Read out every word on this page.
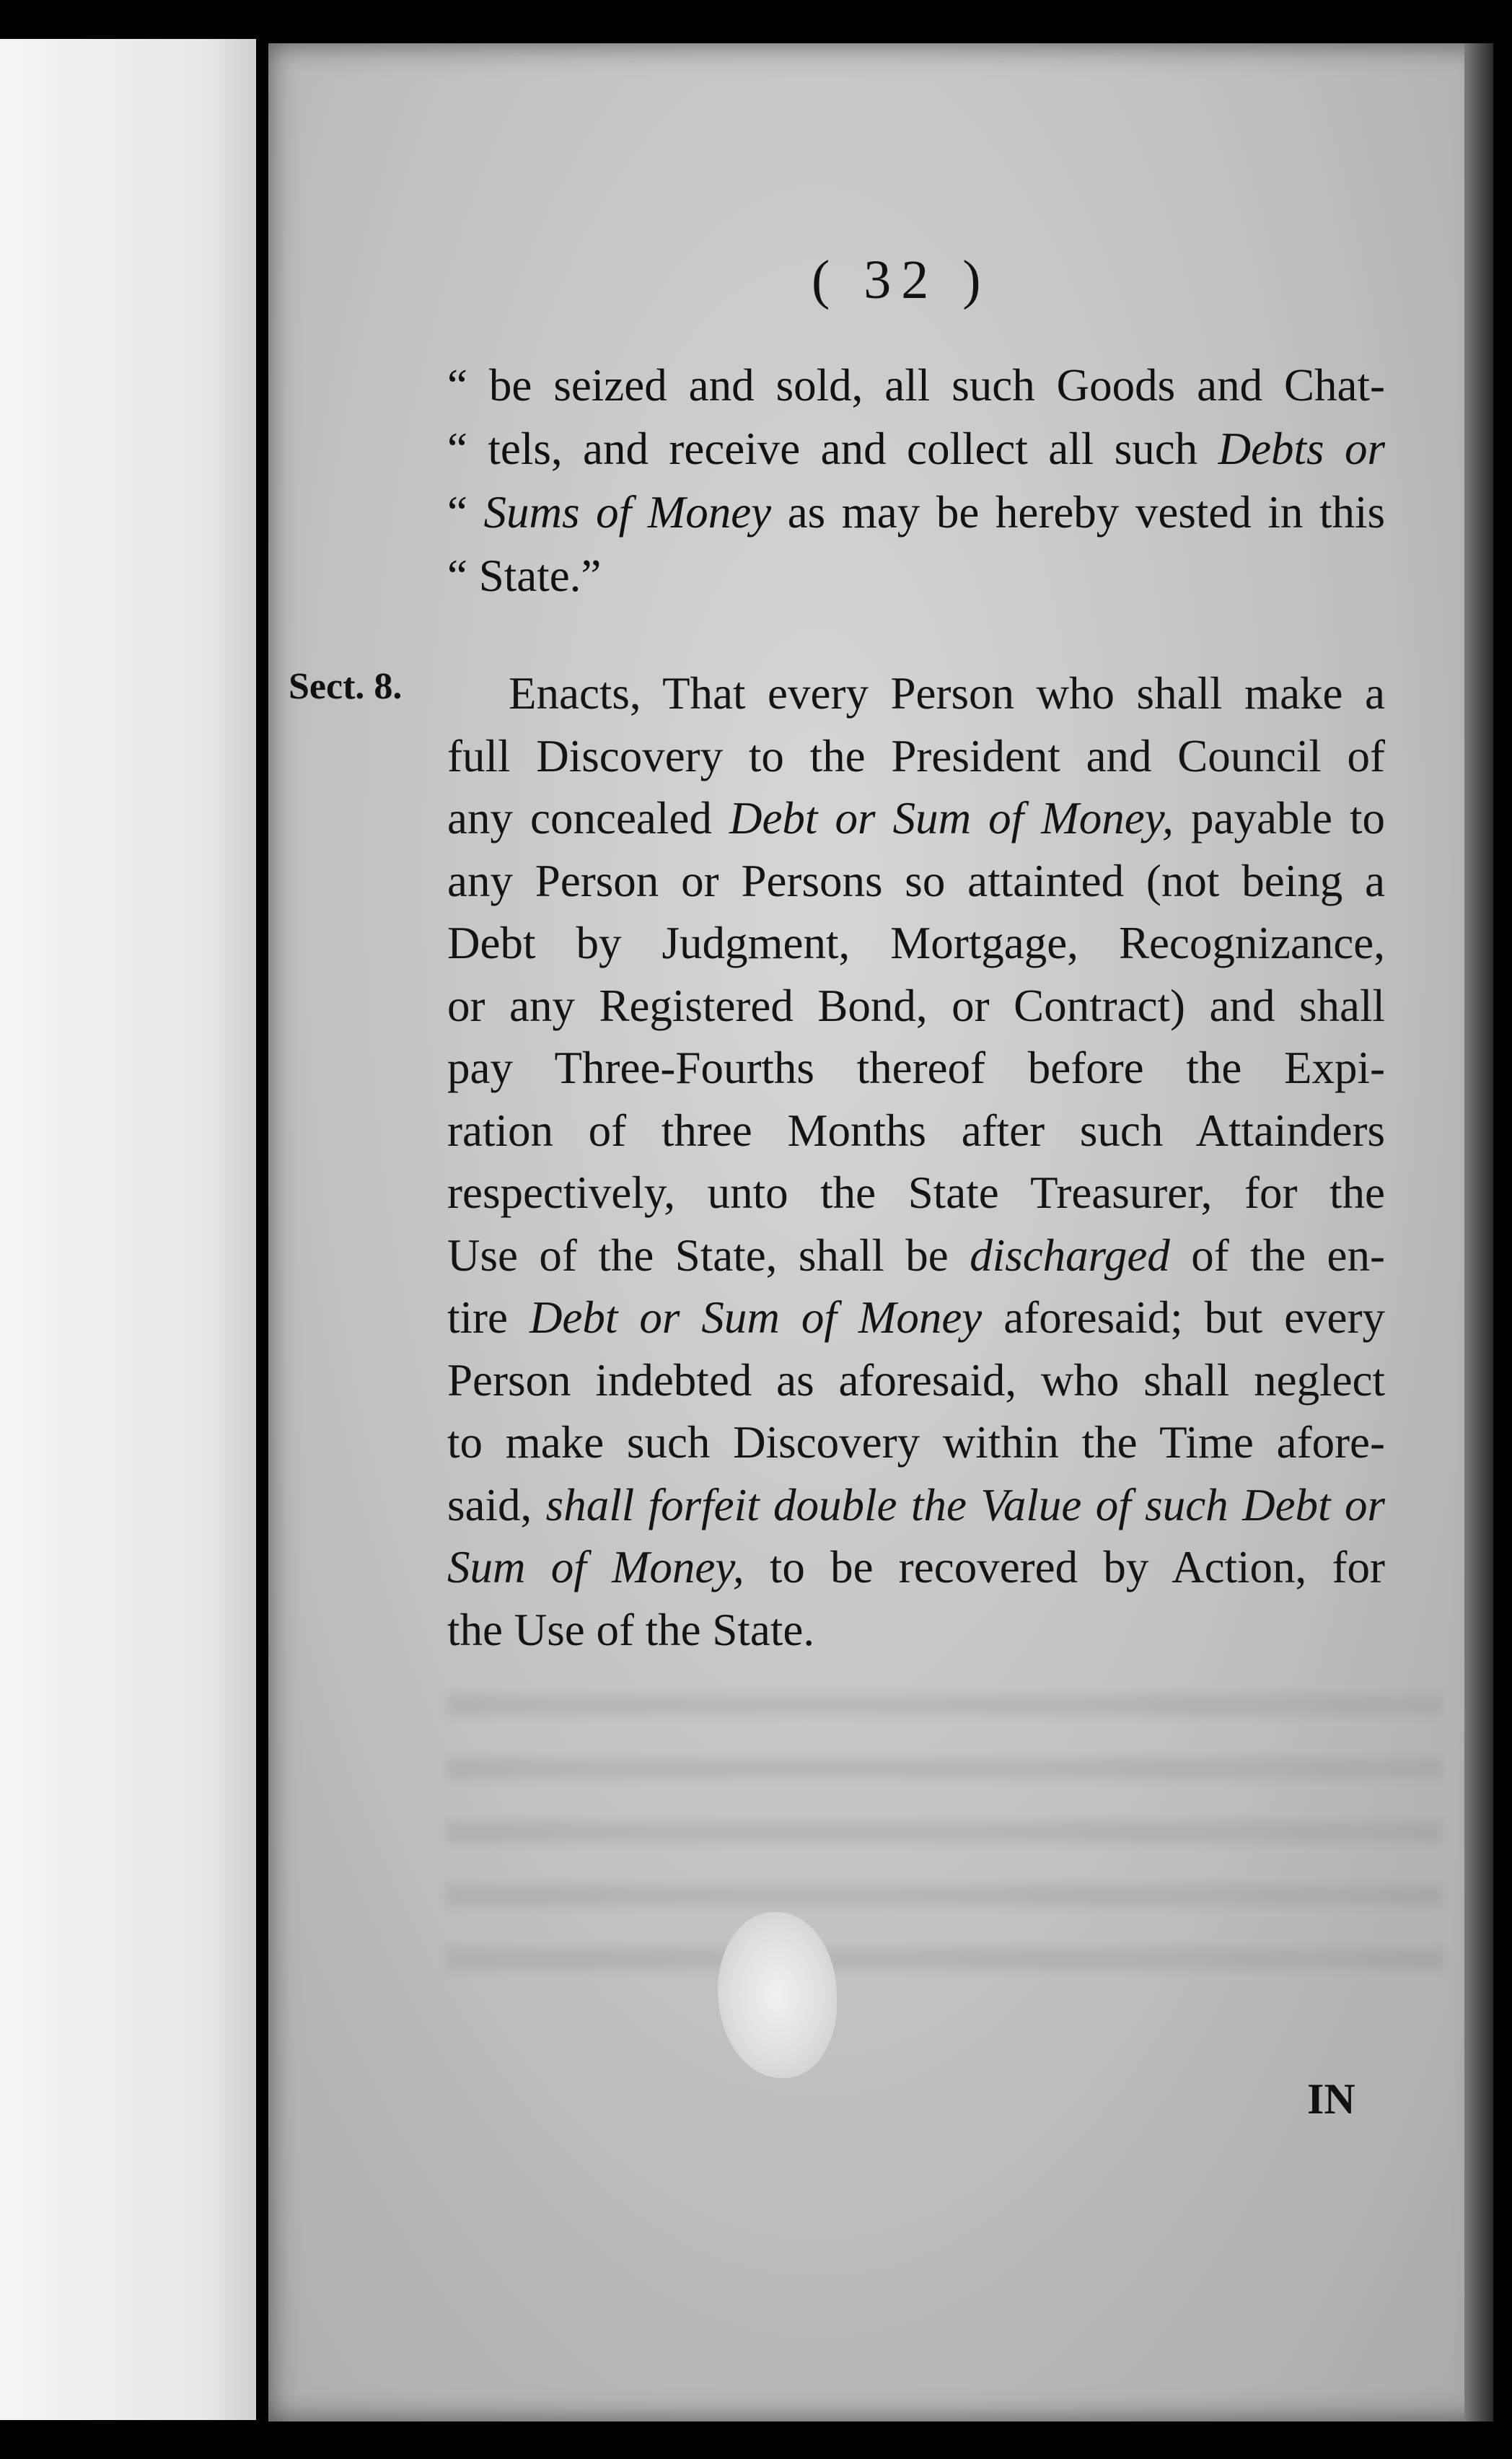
( 32 )
“ be seized and sold, all such Goods and Chat-
“ tels, and receive and collect all such Debts or
“ Sums of Money as may be hereby vested in this
“ State.”
Sect. 8.	Enacts, That every Person who shall make a
full Discovery to the President and Council of
any concealed Debt or Sum of Money, payable to
any Person or Persons so attainted (not being a
Debt by Judgment, Mortgage, Recognizance,
or any Registered Bond, or Contract) and shall
pay Three-Fourths thereof before the Expi-
ration of three Months after such Attainders
respectively, unto the State Treasurer, for the
Use of the State, shall be discharged of the en-
tire Debt or Sum of Money aforesaid; but every
Person indebted as aforesaid, who shall neglect
to make such Discovery within the Time afore-
said, shall forfeit double the Value of such Debt or
Sum of Money, to be recovered by Action, for
the Use of the State.
IN
